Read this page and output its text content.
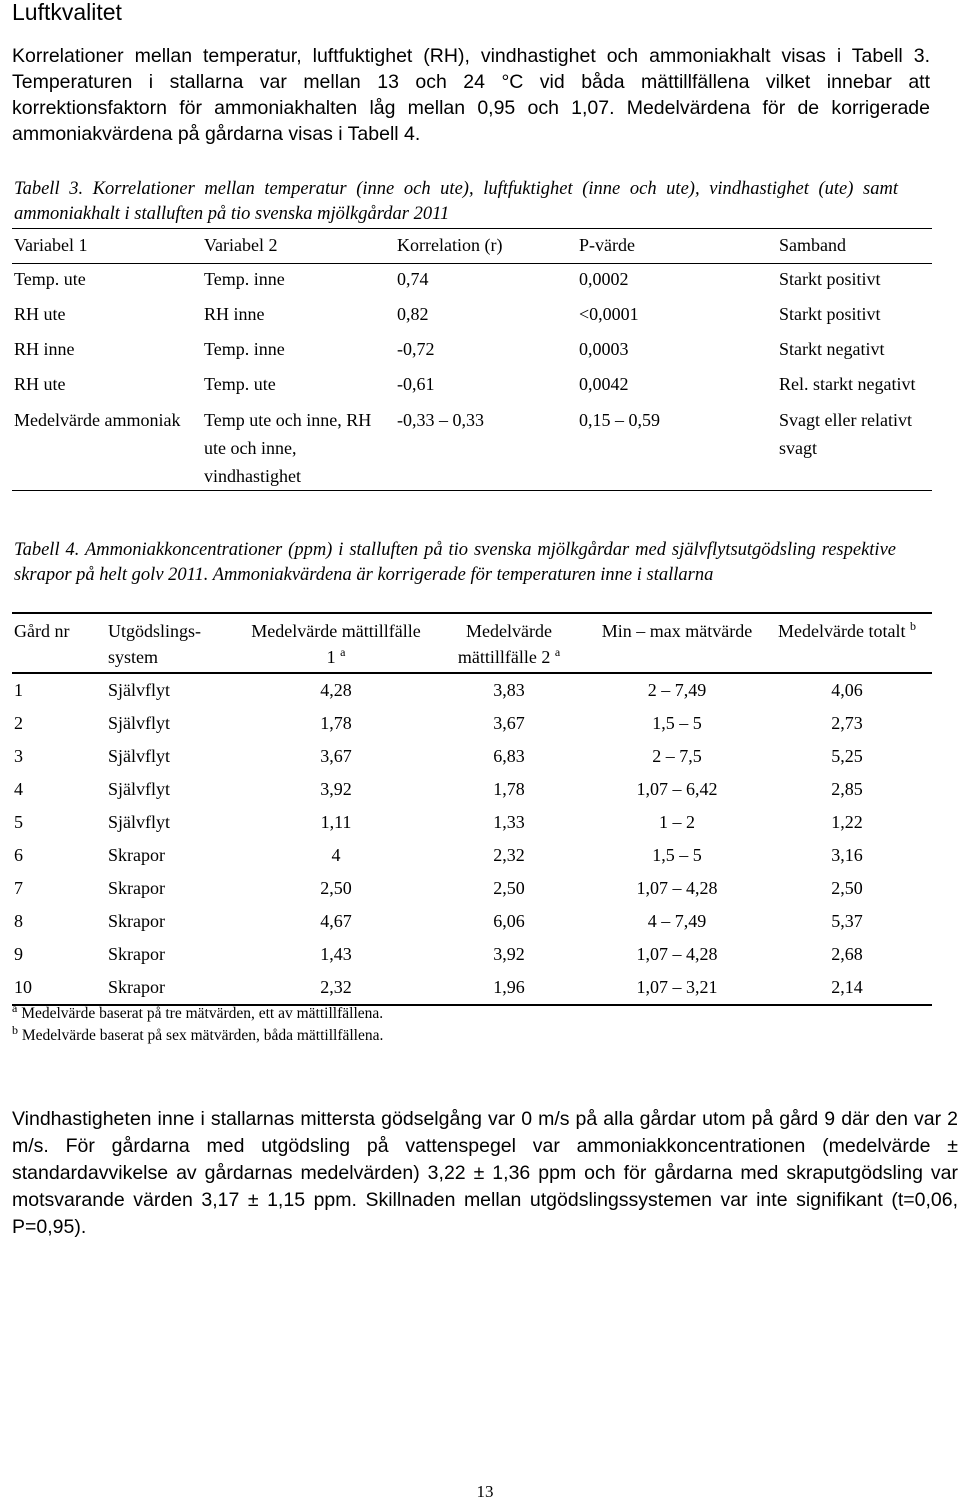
Luftkvalitet

Korrelationer mellan temperatur, luftfuktighet (RH), vindhastighet och ammoniakhalt visas i Tabell 3. Temperaturen i stallarna var mellan 13 och 24 °C vid båda mättillfällena vilket innebar att korrektionsfaktorn för ammoniakhalten låg mellan 0,95 och 1,07. Medelvärdena för de korrigerade ammoniakvärdena på gårdarna visas i Tabell 4.

Tabell 3. Korrelationer mellan temperatur (inne och ute), luftfuktighet (inne och ute), vindhastighet (ute) samt ammoniakhalt i stalluften på tio svenska mjölkgårdar 2011

Variabel 1	Variabel 2	Korrelation (r)	P-värde	Samband
Temp. ute	Temp. inne	0,74	0,0002	Starkt positivt
RH ute	RH inne	0,82	<0,0001	Starkt positivt
RH inne	Temp. inne	-0,72	0,0003	Starkt negativt
RH ute	Temp. ute	-0,61	0,0042	Rel. starkt negativt
Medelvärde ammoniak	Temp ute och inne, RH ute och inne, vindhastighet	-0,33 – 0,33	0,15 – 0,59	Svagt eller relativt svagt

Tabell 4. Ammoniakkoncentrationer (ppm) i stalluften på tio svenska mjölkgårdar med självflytsutgödsling respektive skrapor på helt golv 2011. Ammoniakvärdena är korrigerade för temperaturen inne i stallarna

Gård nr	Utgödslings-system	Medelvärde mättillfälle 1 $^a$	Medelvärde mättillfälle 2 $^a$	Min – max mätvärde	Medelvärde totalt $^b$
1	Självflyt	4,28	3,83	2 – 7,49	4,06
2	Självflyt	1,78	3,67	1,5 – 5	2,73
3	Självflyt	3,67	6,83	2 – 7,5	5,25
4	Självflyt	3,92	1,78	1,07 – 6,42	2,85
5	Självflyt	1,11	1,33	1 – 2	1,22
6	Skrapor	4	2,32	1,5 – 5	3,16
7	Skrapor	2,50	2,50	1,07 – 4,28	2,50
8	Skrapor	4,67	6,06	4 – 7,49	5,37
9	Skrapor	1,43	3,92	1,07 – 4,28	2,68
10	Skrapor	2,32	1,96	1,07 – 3,21	2,14
$^a$ Medelvärde baserat på tre mätvärden, ett av mättillfällena.
$^b$ Medelvärde baserat på sex mätvärden, båda mättillfällena.

Vindhastigheten inne i stallarnas mittersta gödselgång var 0 m/s på alla gårdar utom på gård 9 där den var 2 m/s. För gårdarna med utgödsling på vattenspegel var ammoniakkoncentrationen (medelvärde ± standardavvikelse av gårdarnas medelvärden) 3,22 ± 1,36 ppm och för gårdarna med skraputgödsling var motsvarande värden 3,17 ± 1,15 ppm. Skillnaden mellan utgödslingssystemen var inte signifikant (t=0,06, P=0,95).

13
